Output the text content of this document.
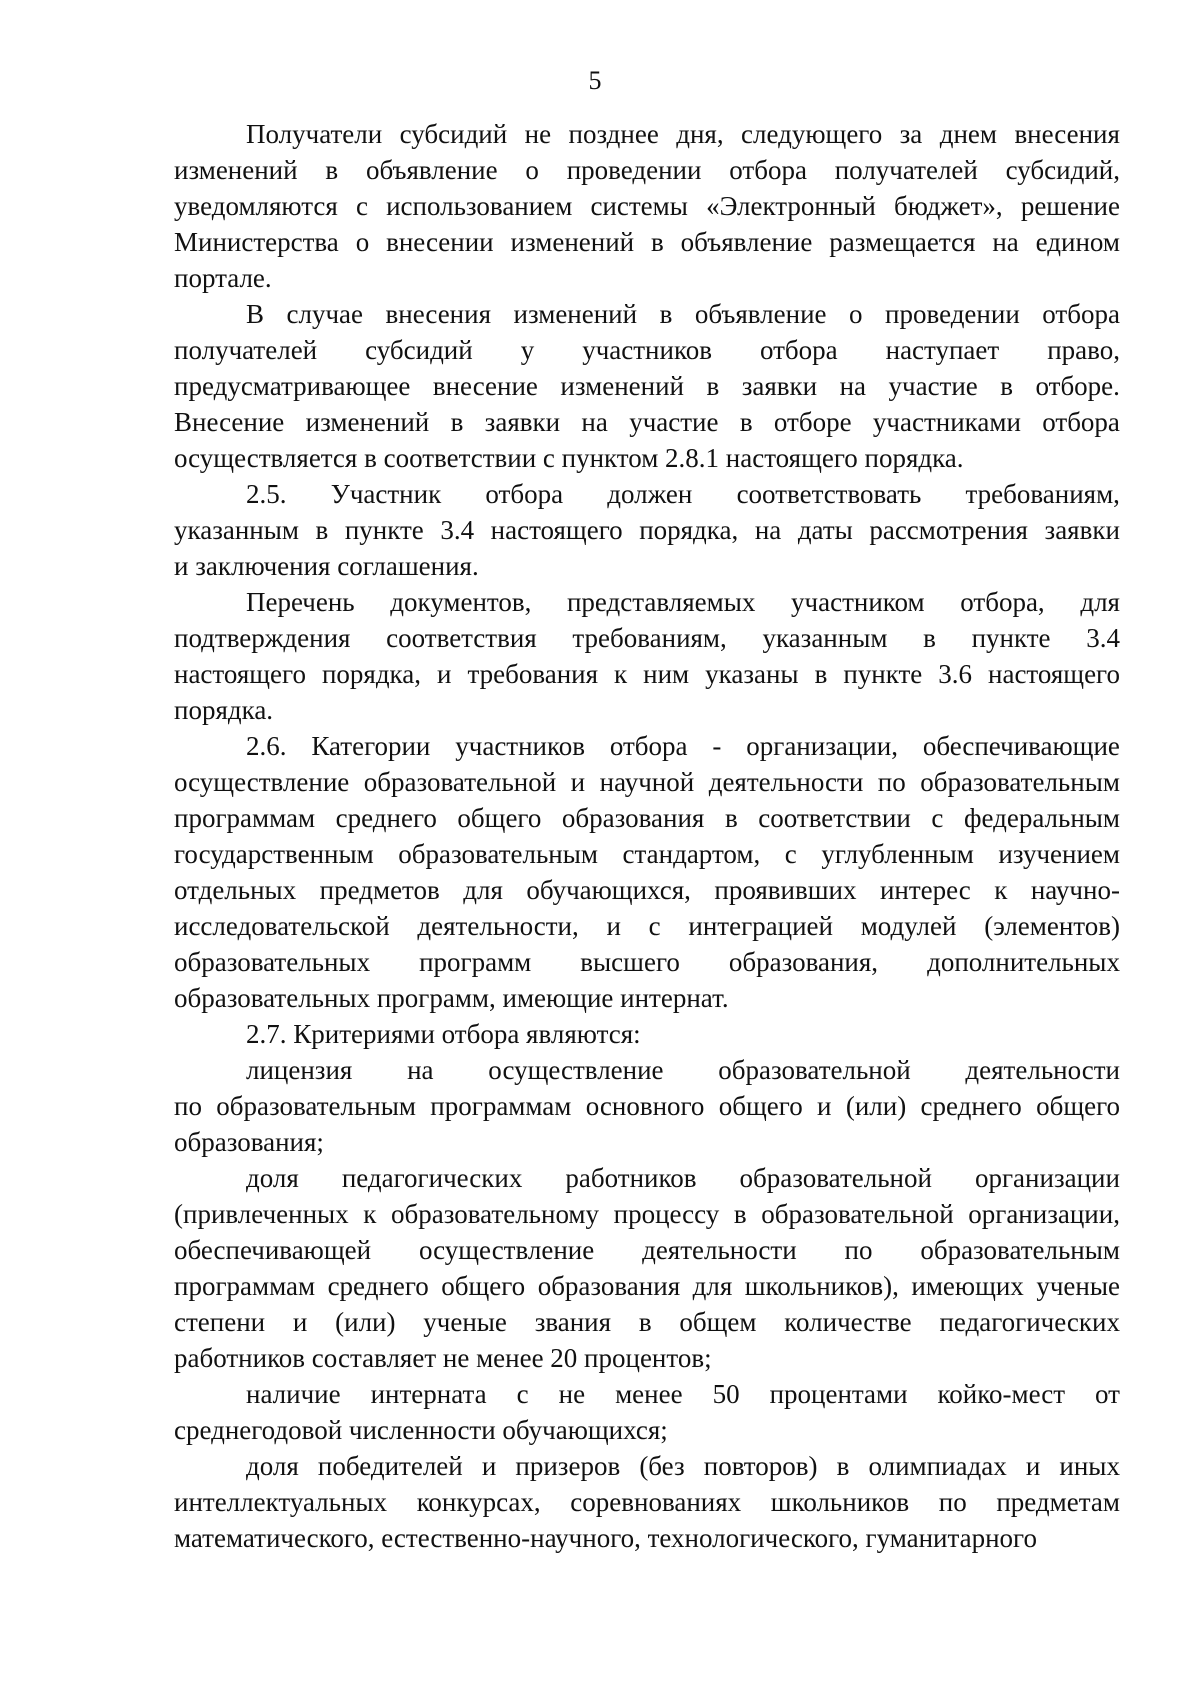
5
Получатели субсидий не позднее дня, следующего за днем внесения
изменений в объявление о проведении отбора получателей субсидий,
уведомляются с использованием системы «Электронный бюджет», решение
Министерства о внесении изменений в объявление размещается на едином
портале.
В случае внесения изменений в объявление о проведении отбора
получателей субсидий у участников отбора наступает право,
предусматривающее внесение изменений в заявки на участие в отборе.
Внесение изменений в заявки на участие в отборе участниками отбора
осуществляется в соответствии с пунктом 2.8.1 настоящего порядка.
2.5. Участник отбора должен соответствовать требованиям,
указанным в пункте 3.4 настоящего порядка, на даты рассмотрения заявки
и заключения соглашения.
Перечень документов, представляемых участником отбора, для
подтверждения соответствия требованиям, указанным в пункте 3.4
настоящего порядка, и требования к ним указаны в пункте 3.6 настоящего
порядка.
2.6. Категории участников отбора - организации, обеспечивающие
осуществление образовательной и научной деятельности по образовательным
программам среднего общего образования в соответствии с федеральным
государственным образовательным стандартом, с углубленным изучением
отдельных предметов для обучающихся, проявивших интерес к научно-
исследовательской деятельности, и с интеграцией модулей (элементов)
образовательных программ высшего образования, дополнительных
образовательных программ, имеющие интернат.
2.7. Критериями отбора являются:
лицензия на осуществление образовательной деятельности
по образовательным программам основного общего и (или) среднего общего
образования;
доля педагогических работников образовательной организации
(привлеченных к образовательному процессу в образовательной организации,
обеспечивающей осуществление деятельности по образовательным
программам среднего общего образования для школьников), имеющих ученые
степени и (или) ученые звания в общем количестве педагогических
работников составляет не менее 20 процентов;
наличие интерната с не менее 50 процентами койко-мест от
среднегодовой численности обучающихся;
доля победителей и призеров (без повторов) в олимпиадах и иных
интеллектуальных конкурсах, соревнованиях школьников по предметам
математического, естественно-научного, технологического, гуманитарного
